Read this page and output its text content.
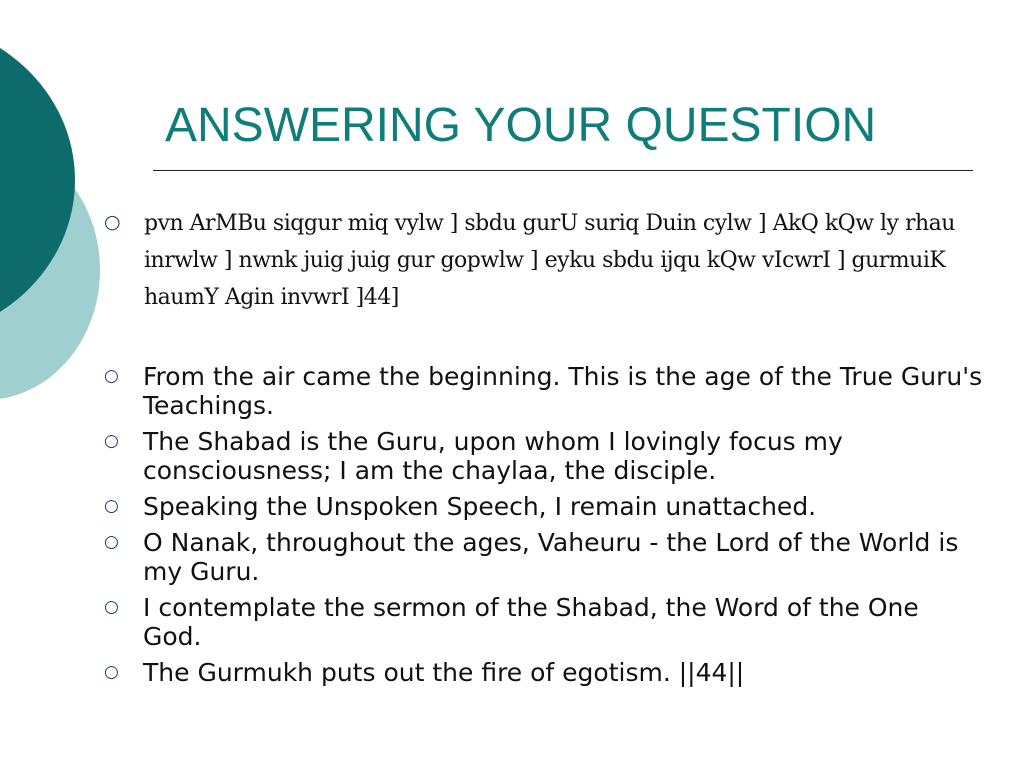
ANSWERING YOUR QUESTION
○ pvn ArMBu siqgur miq vylw ] sbdu gurU suriq Duin cylw ] AkQ kQw ly rhau inrwlw ] nwnk juig juig gur gopwlw ] eyku sbdu ijqu kQw vIcwrI ] gurmuiK haumY Agin invwrI ]44]
○ From the air came the beginning. This is the age of the True Guru's Teachings.
○ The Shabad is the Guru, upon whom I lovingly focus my consciousness; I am the chaylaa, the disciple.
○ Speaking the Unspoken Speech, I remain unattached.
○ O Nanak, throughout the ages, Vaheuru - the Lord of the World is my Guru.
○ I contemplate the sermon of the Shabad, the Word of the One God.
○ The Gurmukh puts out the fire of egotism. ||44||
